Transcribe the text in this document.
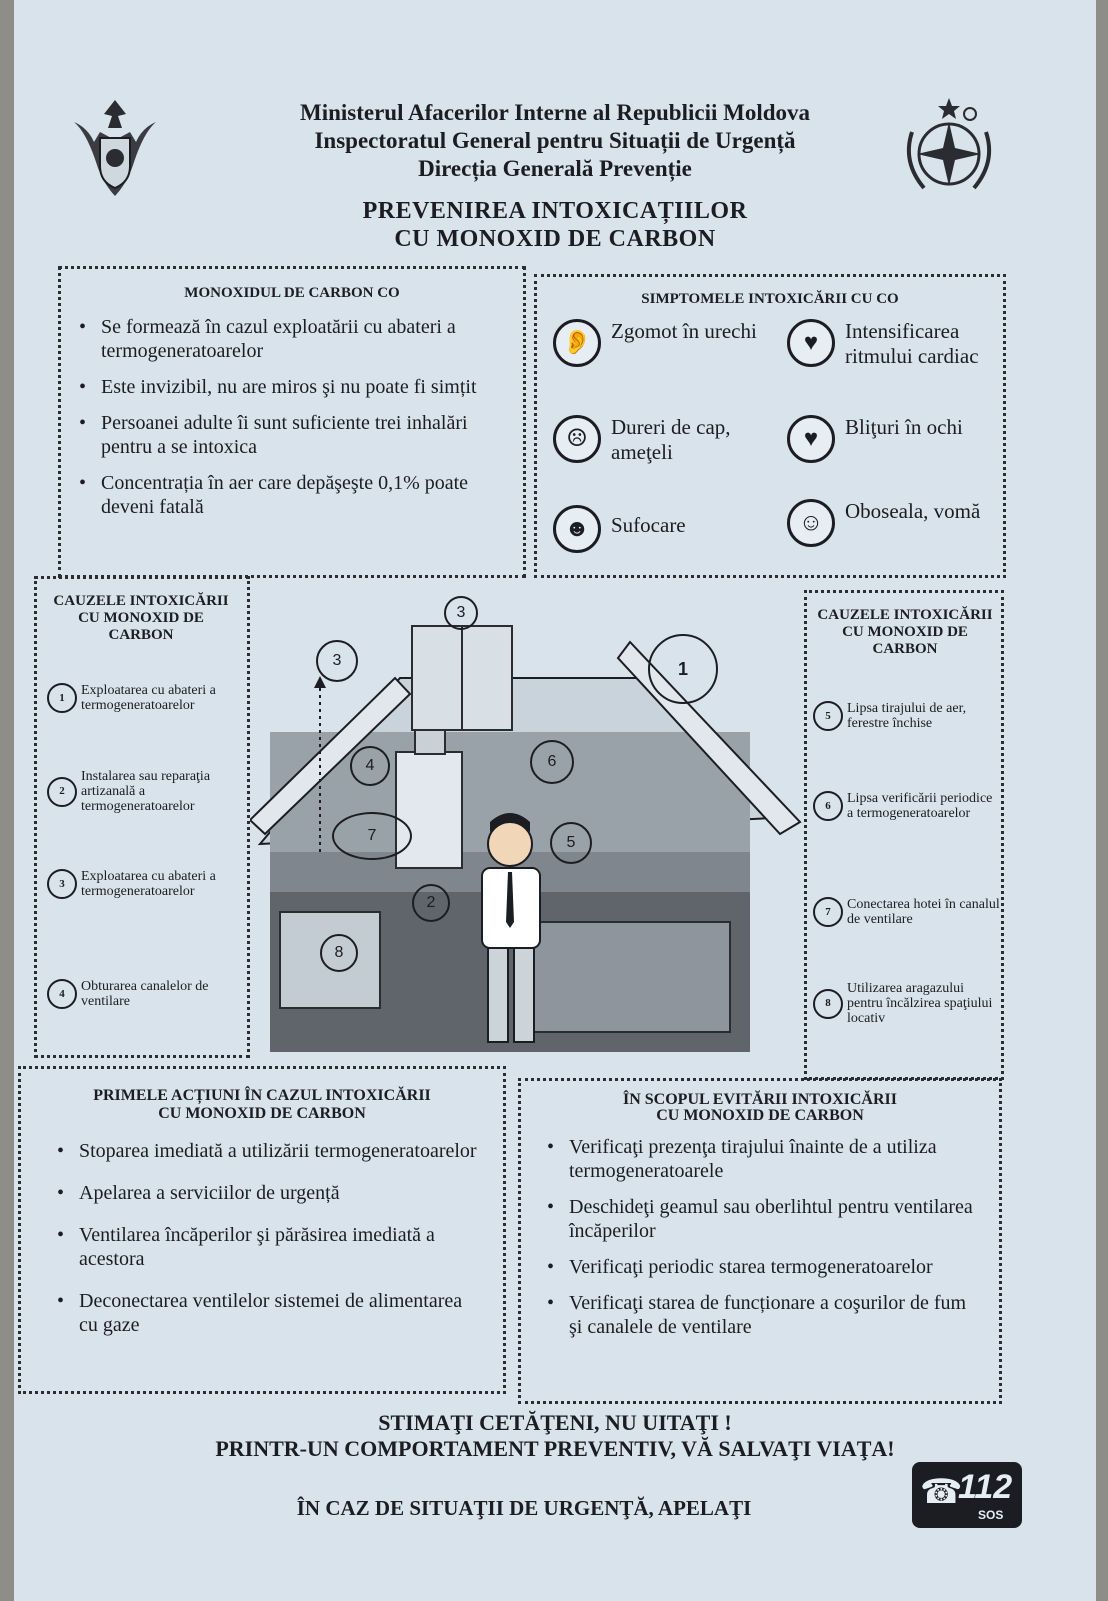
Ministerul Afacerilor Interne al Republicii Moldova
Inspectoratul General pentru Situații de Urgență
Direcția Generală Prevenție
PREVENIREA INTOXICAȚIILOR
CU MONOXID DE CARBON
MONOXIDUL DE CARBON CO
• Se formează în cazul exploatării cu abateri a termogeneratoarelor
• Este invizibil, nu are miros şi nu poate fi simțit
• Persoanei adulte îi sunt suficiente trei inhalări pentru a se intoxica
• Concentrația în aer care depăşeşte 0,1% poate deveni fatală
SIMPTOMELE INTOXICĂRII CU CO
👂 Zgomot în urechi	♥	Intensificarea ritmului cardiac
☹	Dureri de cap, ameţeli
♥	Bliţuri în ochi
☻	Sufocare	☺	Oboseala, vomă
CAUZELE INTOXICĂRII CU MONOXID DE CARBON
1	Exploatarea cu abateri a termogeneratoarelor
2
Instalarea sau reparaţia artizanală a termogeneratoarelor
3	Exploatarea cu abateri a termogeneratoarelor
4	Obturarea canalelor de ventilare
1
2
3
3
4
5
6
7
8
CAUZELE INTOXICĂRII CU MONOXID DE CARBON
5	Lipsa tirajului de aer, ferestre închise
6	Lipsa verificării periodice a termogeneratoarelor
7	Conectarea hotei în canalul de ventilare
8
Utilizarea aragazului pentru încălzirea spaţiului locativ
PRIMELE ACȚIUNI ÎN CAZUL INTOXICĂRII
CU MONOXID DE CARBON
• Stoparea imediată a utilizării termogeneratoarelor
• Apelarea a serviciilor de urgență
• Ventilarea încăperilor şi părăsirea imediată a acestora
• Deconectarea ventilelor sistemei de alimentarea cu gaze
ÎN SCOPUL EVITĂRII INTOXICĂRII
CU MONOXID DE CARBON
• Verificaţi prezenţa tirajului înainte de a utiliza termogeneratoarele
• Deschideţi geamul sau oberlihtul pentru ventilarea încăperilor
• Verificaţi periodic starea termogeneratoarelor
• Verificaţi starea de funcționare a coşurilor de fum şi canalele de ventilare
STIMAŢI CETĂŢENI, NU UITAŢI !
PRINTR-UN COMPORTAMENT PREVENTIV, VĂ SALVAŢI VIAŢA!
ÎN CAZ DE SITUAŢII DE URGENŢĂ, APELAŢI	☎
112
SOS
